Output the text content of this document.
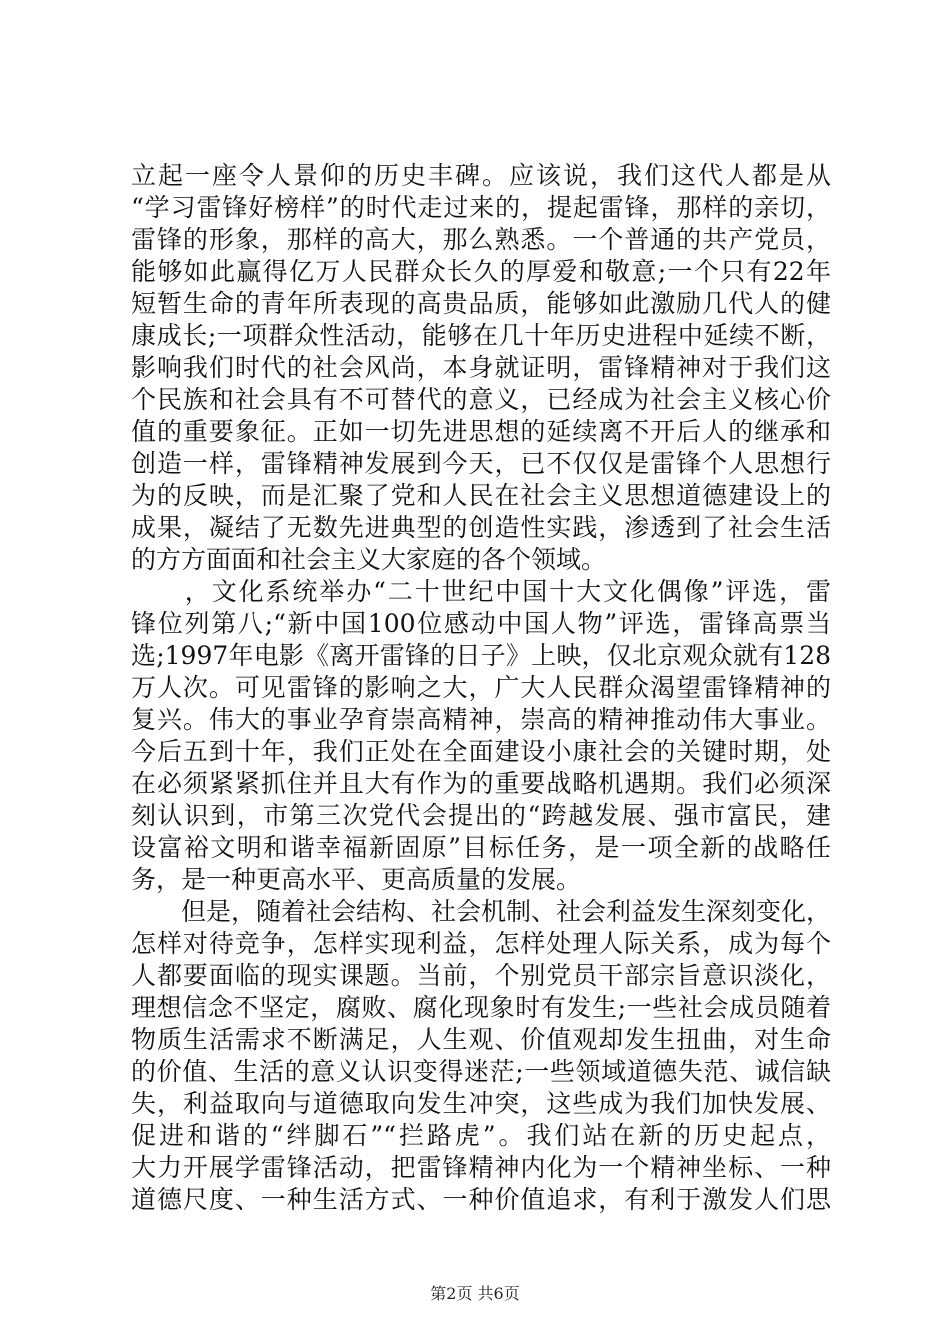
立起一座令人景仰的历史丰碑。应该说，我们这代人都是从
“学习雷锋好榜样”的时代走过来的，提起雷锋，那样的亲切，
雷锋的形象，那样的高大，那么熟悉。一个普通的共产党员，
能够如此赢得亿万人民群众长久的厚爱和敬意;一个只有22年
短暂生命的青年所表现的高贵品质，能够如此激励几代人的健
康成长;一项群众性活动，能够在几十年历史进程中延续不断，
影响我们时代的社会风尚，本身就证明，雷锋精神对于我们这
个民族和社会具有不可替代的意义，已经成为社会主义核心价
值的重要象征。正如一切先进思想的延续离不开后人的继承和
创造一样，雷锋精神发展到今天，已不仅仅是雷锋个人思想行
为的反映，而是汇聚了党和人民在社会主义思想道德建设上的
成果，凝结了无数先进典型的创造性实践，渗透到了社会生活
的方方面面和社会主义大家庭的各个领域。
　　，文化系统举办“二十世纪中国十大文化偶像”评选，雷
锋位列第八;“新中国100位感动中国人物”评选，雷锋高票当
选;1997年电影《离开雷锋的日子》上映，仅北京观众就有128
万人次。可见雷锋的影响之大，广大人民群众渴望雷锋精神的
复兴。伟大的事业孕育崇高精神，崇高的精神推动伟大事业。
今后五到十年，我们正处在全面建设小康社会的关键时期，处
在必须紧紧抓住并且大有作为的重要战略机遇期。我们必须深
刻认识到，市第三次党代会提出的“跨越发展、强市富民，建
设富裕文明和谐幸福新固原”目标任务，是一项全新的战略任
务，是一种更高水平、更高质量的发展。
　　但是，随着社会结构、社会机制、社会利益发生深刻变化，
怎样对待竞争，怎样实现利益，怎样处理人际关系，成为每个
人都要面临的现实课题。当前，个别党员干部宗旨意识淡化，
理想信念不坚定，腐败、腐化现象时有发生;一些社会成员随着
物质生活需求不断满足，人生观、价值观却发生扭曲，对生命
的价值、生活的意义认识变得迷茫;一些领域道德失范、诚信缺
失，利益取向与道德取向发生冲突，这些成为我们加快发展、
促进和谐的“绊脚石”“拦路虎”。我们站在新的历史起点，
大力开展学雷锋活动，把雷锋精神内化为一个精神坐标、一种
道德尺度、一种生活方式、一种价值追求，有利于激发人们思
第2页 共6页
